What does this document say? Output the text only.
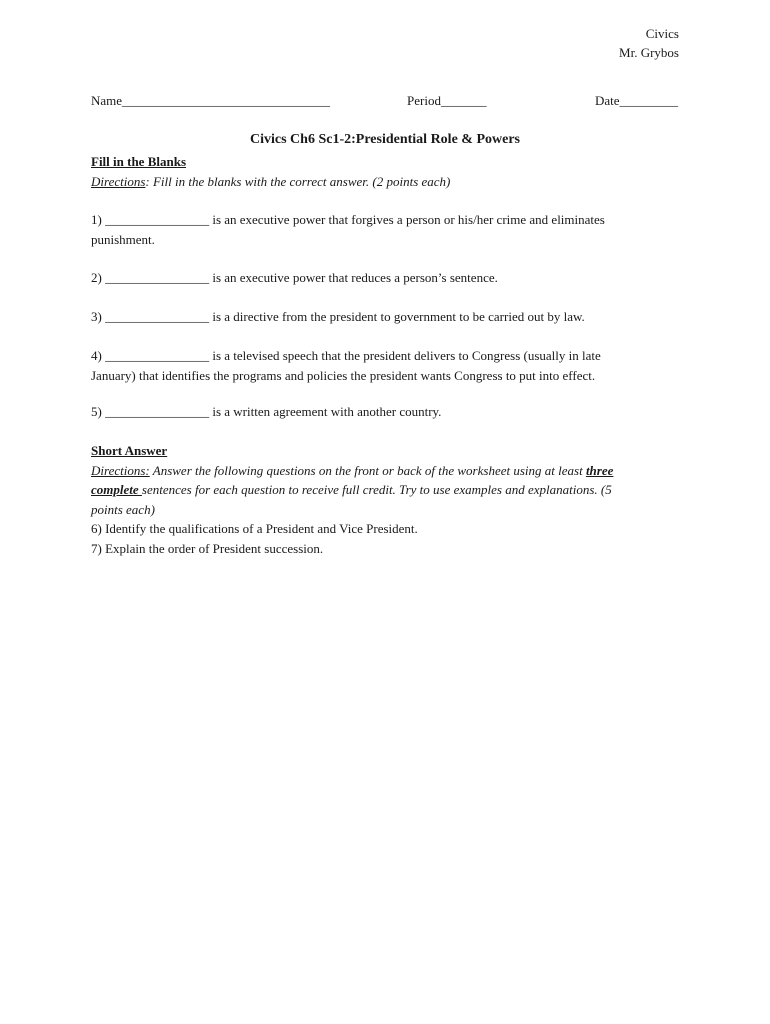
Civics
Mr. Grybos
Name________________________________	Period_______	Date_________
Civics Ch6 Sc1-2:Presidential Role & Powers

Fill in the Blanks

Directions: Fill in the blanks with the correct answer. (2 points each)

1) ________________ is an executive power that forgives a person or his/her crime and eliminates

punishment.

2) ________________ is an executive power that reduces a person’s sentence.

3) ________________ is a directive from the president to government to be carried out by law.

4) ________________ is a televised speech that the president delivers to Congress (usually in late

January) that identifies the programs and policies the president wants Congress to put into effect.

5) ________________ is a written agreement with another country.

Short Answer

Directions: Answer the following questions on the front or back of the worksheet using at least three

complete sentences for each question to receive full credit. Try to use examples and explanations. (5

points each)

6) Identify the qualifications of a President and Vice President.

7) Explain the order of President succession.
